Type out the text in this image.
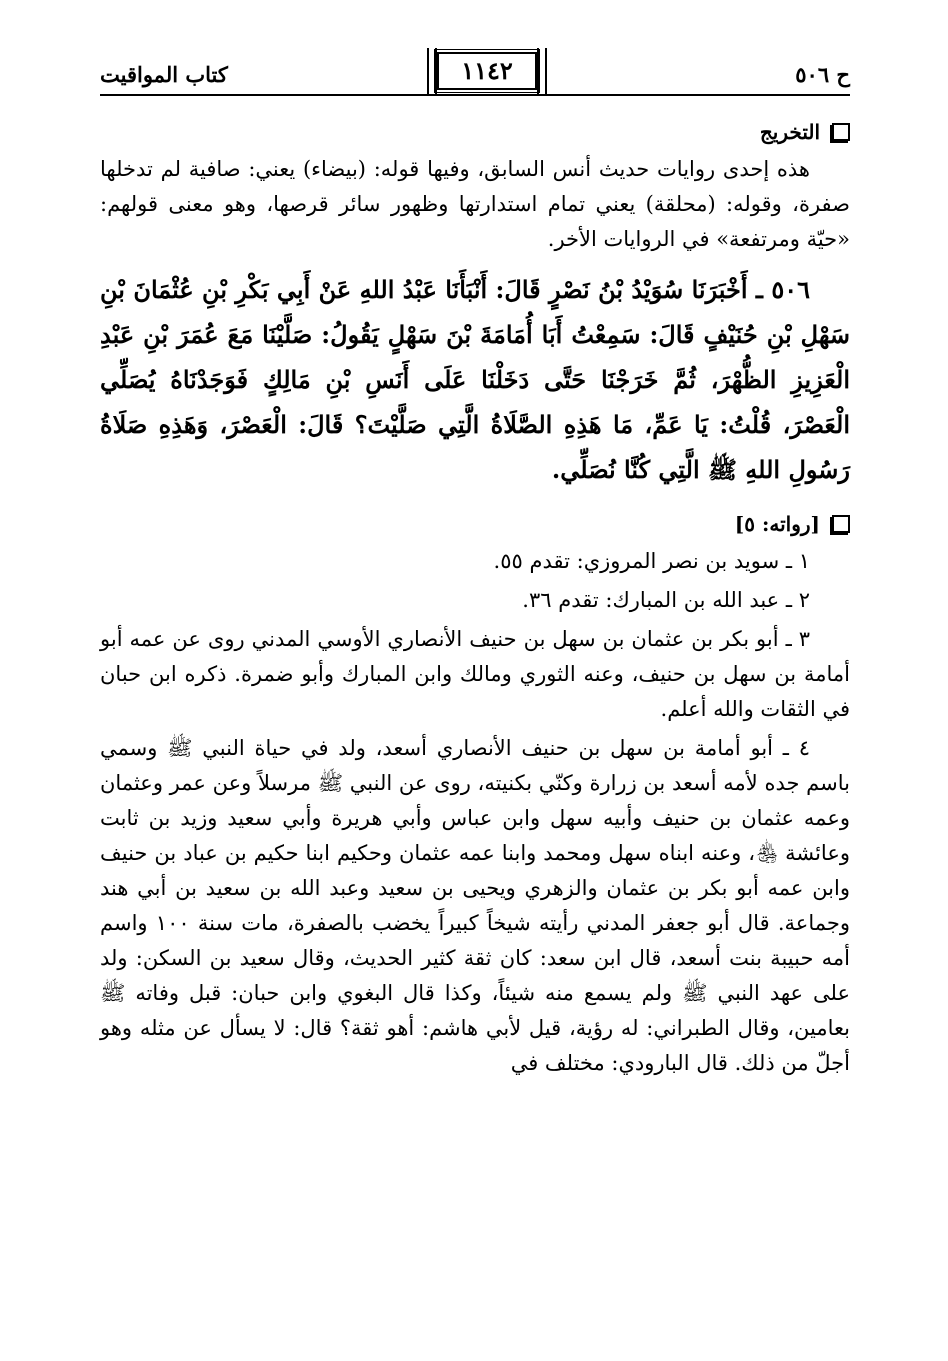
كتاب المواقيت	١١٤٢	ح ٥٠٦
التخريج

هذه إحدى روايات حديث أنس السابق، وفيها قوله: (بيضاء) يعني: صافية لم تدخلها صفرة، وقوله: (محلقة) يعني تمام استدارتها وظهور سائر قرصها، وهو معنى قولهم: «حيّة ومرتفعة» في الروايات الأخر.

٥٠٦ ـ أَخْبَرَنَا سُوَيْدُ بْنُ نَصْرٍ قَالَ: أَنْبَأَنَا عَبْدُ اللهِ عَنْ أَبِي بَكْرِ بْنِ عُثْمَانَ بْنِ سَهْلِ بْنِ حُنَيْفٍ قَالَ: سَمِعْتُ أَبَا أُمَامَةَ بْنَ سَهْلٍ يَقُولُ: صَلَّيْنَا مَعَ عُمَرَ بْنِ عَبْدِ الْعَزِيزِ الظُّهْرَ، ثُمَّ خَرَجْنَا حَتَّى دَخَلْنَا عَلَى أَنَسِ بْنِ مَالِكٍ فَوَجَدْنَاهُ يُصَلِّي الْعَصْرَ، قُلْتُ: يَا عَمِّ، مَا هَذِهِ الصَّلَاةُ الَّتِي صَلَّيْتَ؟ قَالَ: الْعَصْرَ، وَهَذِهِ صَلَاةُ رَسُولِ اللهِ ﷺ الَّتِي كُنَّا نُصَلِّي.

[رواته: ٥]

١ ـ سويد بن نصر المروزي: تقدم ٥٥.

٢ ـ عبد الله بن المبارك: تقدم ٣٦.

٣ ـ أبو بكر بن عثمان بن سهل بن حنيف الأنصاري الأوسي المدني روى عن عمه أبو أمامة بن سهل بن حنيف، وعنه الثوري ومالك وابن المبارك وأبو ضمرة. ذكره ابن حبان في الثقات والله أعلم.

٤ ـ أبو أمامة بن سهل بن حنيف الأنصاري أسعد، ولد في حياة النبي ﷺ وسمي باسم جده لأمه أسعد بن زرارة وكنّي بكنيته، روى عن النبي ﷺ مرسلاً وعن عمر وعثمان وعمه عثمان بن حنيف وأبيه سهل وابن عباس وأبي هريرة وأبي سعيد وزيد بن ثابت وعائشة ﵃، وعنه ابناه سهل ومحمد وابنا عمه عثمان وحكيم ابنا حكيم بن عباد بن حنيف وابن عمه أبو بكر بن عثمان والزهري ويحيى بن سعيد وعبد الله بن سعيد بن أبي هند وجماعة. قال أبو جعفر المدني رأيته شيخاً كبيراً يخضب بالصفرة، مات سنة ١٠٠ واسم أمه حبيبة بنت أسعد، قال ابن سعد: كان ثقة كثير الحديث، وقال سعيد بن السكن: ولد على عهد النبي ﷺ ولم يسمع منه شيئاً، وكذا قال البغوي وابن حبان: قبل وفاته ﷺ بعامين، وقال الطبراني: له رؤية، قيل لأبي هاشم: أهو ثقة؟ قال: لا يسأل عن مثله وهو أجلّ من ذلك. قال البارودي: مختلف في
